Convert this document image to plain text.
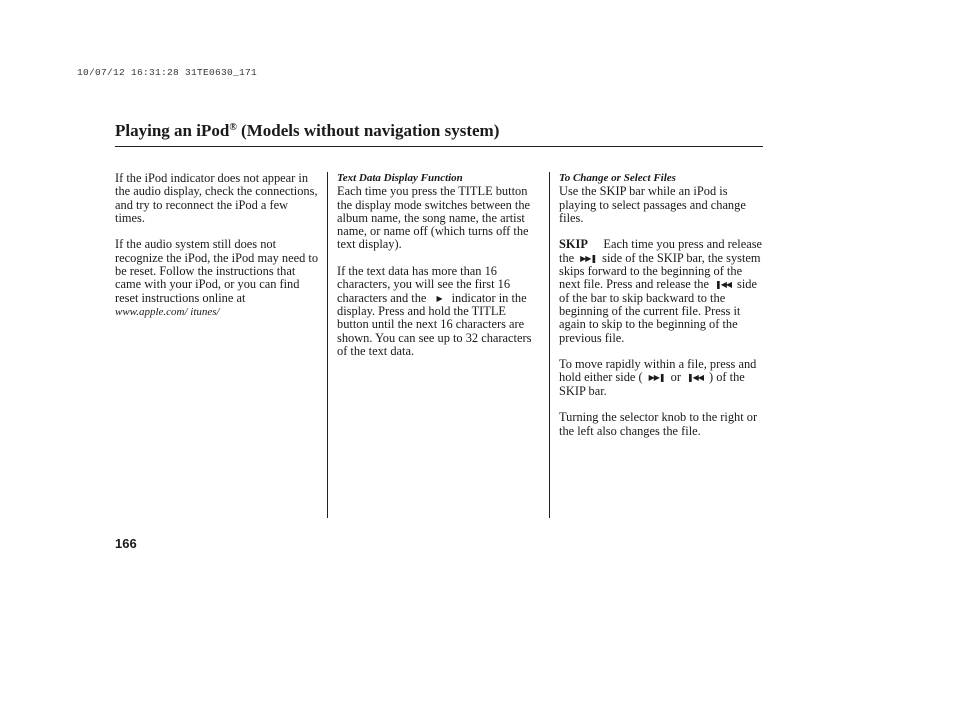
10/07/12 16:31:28 31TE0630_171
Playing an iPod® (Models without navigation system)

If the iPod indicator does not appear in the audio display, check the connections, and try to reconnect the iPod a few times.

If the audio system still does not recognize the iPod, the iPod may need to be reset. Follow the instructions that came with your iPod, or you can find reset instructions online at www.apple.com/ itunes/

Text Data Display Function

Each time you press the TITLE button the display mode switches between the album name, the song name, the artist name, or name off (which turns off the text display).

If the text data has more than 16 characters, you will see the first 16 characters and the ▶ indicator in the display. Press and hold the TITLE button until the next 16 characters are shown. You can see up to 32 characters of the text data.

To Change or Select Files

Use the SKIP bar while an iPod is playing to select passages and change files.

SKIP Each time you press and release the ▶▶❚ side of the SKIP bar, the system skips forward to the beginning of the next file. Press and release the ❚◀◀ side of the bar to skip backward to the beginning of the current file. Press it again to skip to the beginning of the previous file.

To move rapidly within a file, press and hold either side ( ▶▶❚ or ❚◀◀ ) of the SKIP bar.

Turning the selector knob to the right or the left also changes the file.

166
